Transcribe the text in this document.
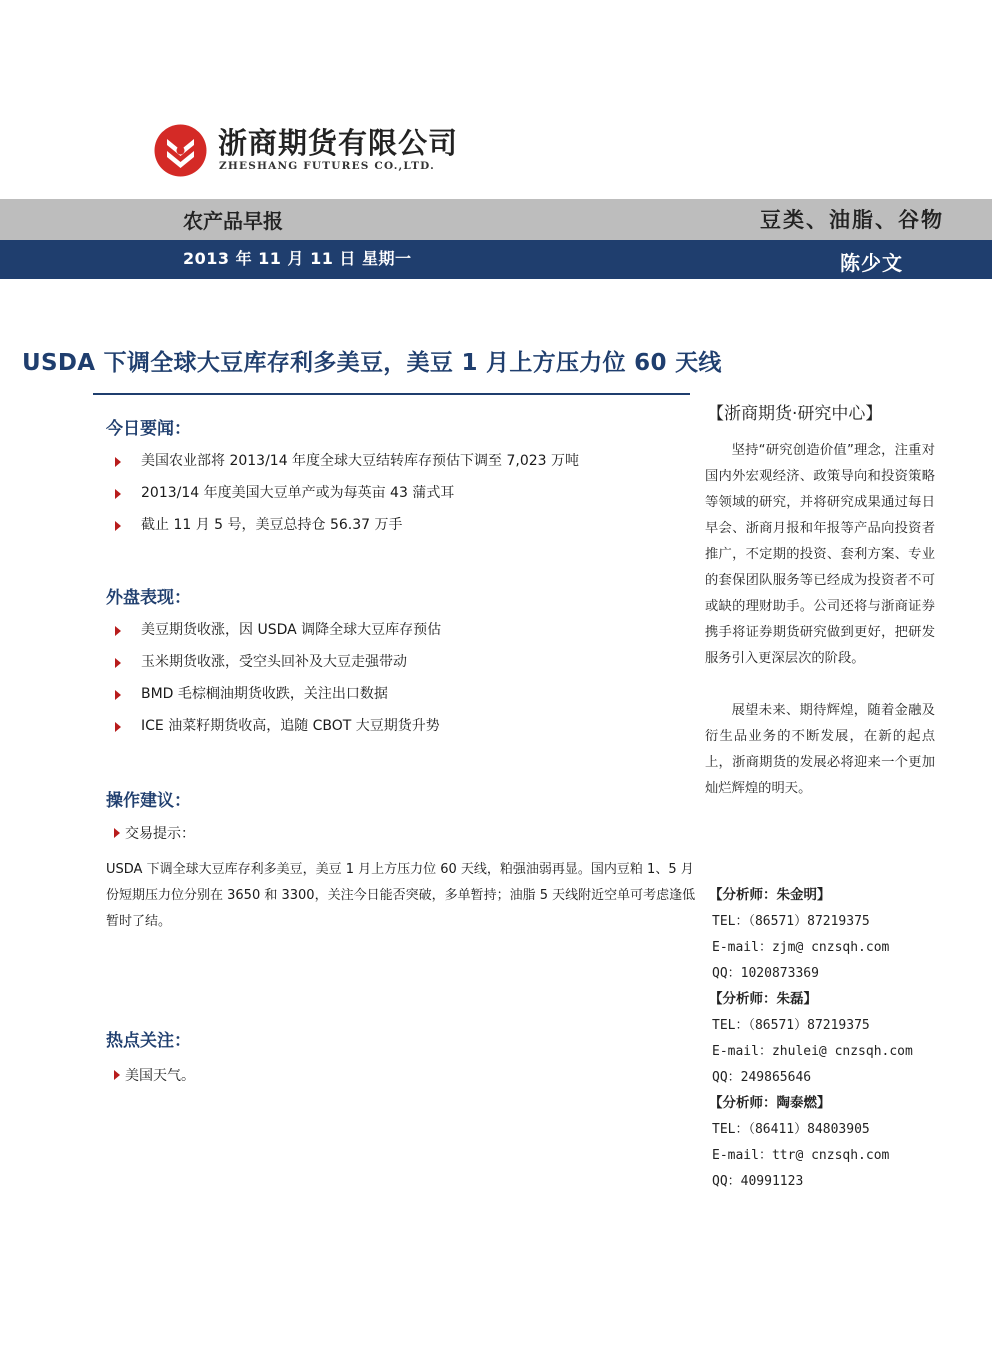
浙商期货有限公司
ZHESHANG FUTURES CO.,LTD.
农产品早报	豆类、油脂、谷物
2013 年 11 月 11 日 星期一	陈少文
USDA 下调全球大豆库存利多美豆，美豆 1 月上方压力位 60 天线
今日要闻：
美国农业部将 2013/14 年度全球大豆结转库存预估下调至 7,023 万吨
2013/14 年度美国大豆单产或为每英亩 43 蒲式耳
截止 11 月 5 号，美豆总持仓 56.37 万手
外盘表现：
美豆期货收涨，因 USDA 调降全球大豆库存预估
玉米期货收涨，受空头回补及大豆走强带动
BMD 毛棕榈油期货收跌，关注出口数据
ICE 油菜籽期货收高，追随 CBOT 大豆期货升势
操作建议：
交易提示：

USDA 下调全球大豆库存利多美豆，美豆 1 月上方压力位 60 天线，粕强油弱再显。国内豆粕 1、5 月份短期压力位分别在 3650 和 3300，关注今日能否突破，多单暂持；油脂 5 天线附近空单可考虑逢低暂时了结。

热点关注：
美国天气。
【浙商期货·研究中心】

坚持“研究创造价值”理念，注重对国内外宏观经济、政策导向和投资策略等领域的研究，并将研究成果通过每日早会、浙商月报和年报等产品向投资者推广，不定期的投资、套利方案、专业的套保团队服务等已经成为投资者不可或缺的理财助手。公司还将与浙商证券携手将证券期货研究做到更好，把研发服务引入更深层次的阶段。

展望未来、期待辉煌，随着金融及衍生品业务的不断发展，在新的起点上，浙商期货的发展必将迎来一个更加灿烂辉煌的明天。

【分析师：朱金明】
TEL：（86571）87219375
E-mail：zjm@ cnzsqh.com
QQ：1020873369
【分析师：朱磊】
TEL：（86571）87219375
E-mail：zhulei@ cnzsqh.com
QQ：249865646
【分析师：陶泰燃】
TEL：（86411）84803905
E-mail：ttr@ cnzsqh.com
QQ：40991123
